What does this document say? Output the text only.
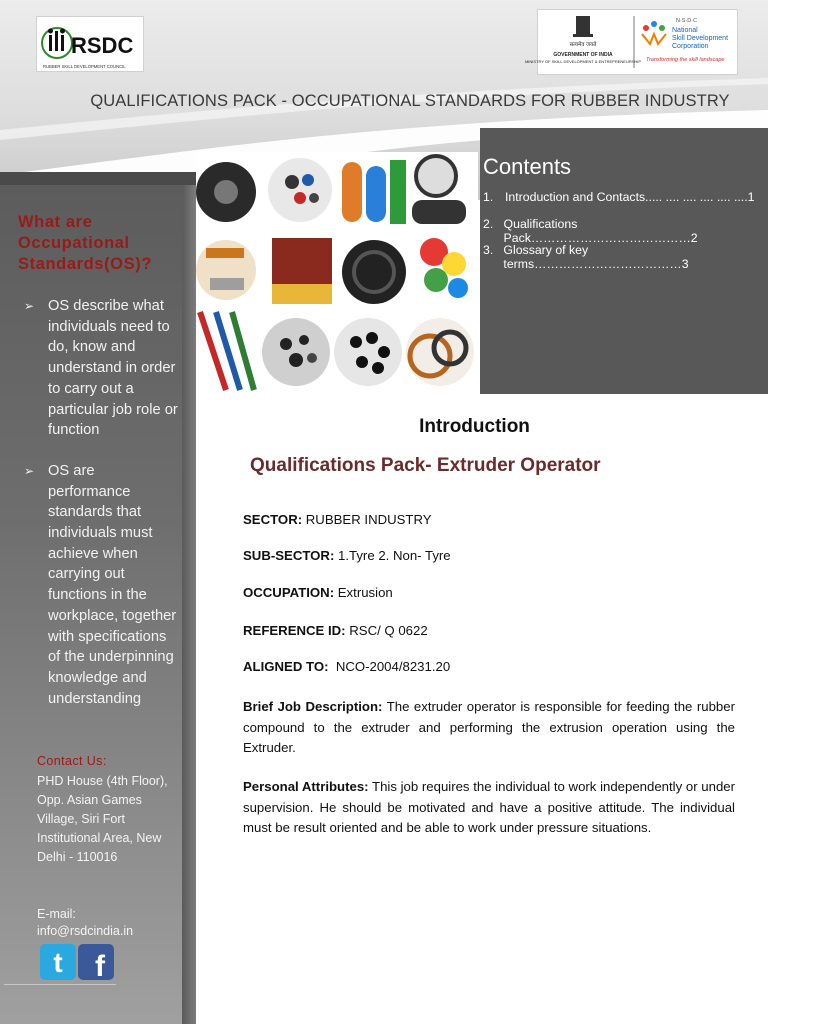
RSDC
RUBBER SKILL DEVELOPMENT COUNCIL
सत्यमेव जयते
GOVERNMENT OF INDIA
MINISTRY OF SKILL DEVELOPMENT & ENTREPRENEURSHIP
N·S·D·C
National
Skill Development
Corporation
Transforming the skill landscape
QUALIFICATIONS PACK - OCCUPATIONAL STANDARDS FOR RUBBER INDUSTRY
What are Occupational Standards(OS)?
➢ OS describe what individuals need to do, know and understand in order to carry out a particular job role or function
➢ OS are performance standards that individuals must achieve when carrying out functions in the workplace, together with specifications of the underpinning knowledge and understanding
Contact Us:
PHD House (4th Floor), Opp. Asian Games Village, Siri Fort Institutional Area, New Delhi - 110016
E-mail:
info@rsdcindia.in
t f
Contents
1. Introduction and Contacts..... .... .... .... .... ....1
2. Qualifications Pack…………………………………2
3. Glossary of key terms………………………………3
Introduction
Qualifications Pack- Extruder Operator
SECTOR: RUBBER INDUSTRY
SUB-SECTOR: 1.Tyre 2. Non- Tyre
OCCUPATION: Extrusion
REFERENCE ID: RSC/ Q 0622
ALIGNED TO: NCO-2004/8231.20
Brief Job Description: The extruder operator is responsible for feeding the rubber compound to the extruder and performing the extrusion operation using the Extruder.
Personal Attributes: This job requires the individual to work independently or under supervision. He should be motivated and have a positive attitude. The individual must be result oriented and be able to work under pressure situations.
